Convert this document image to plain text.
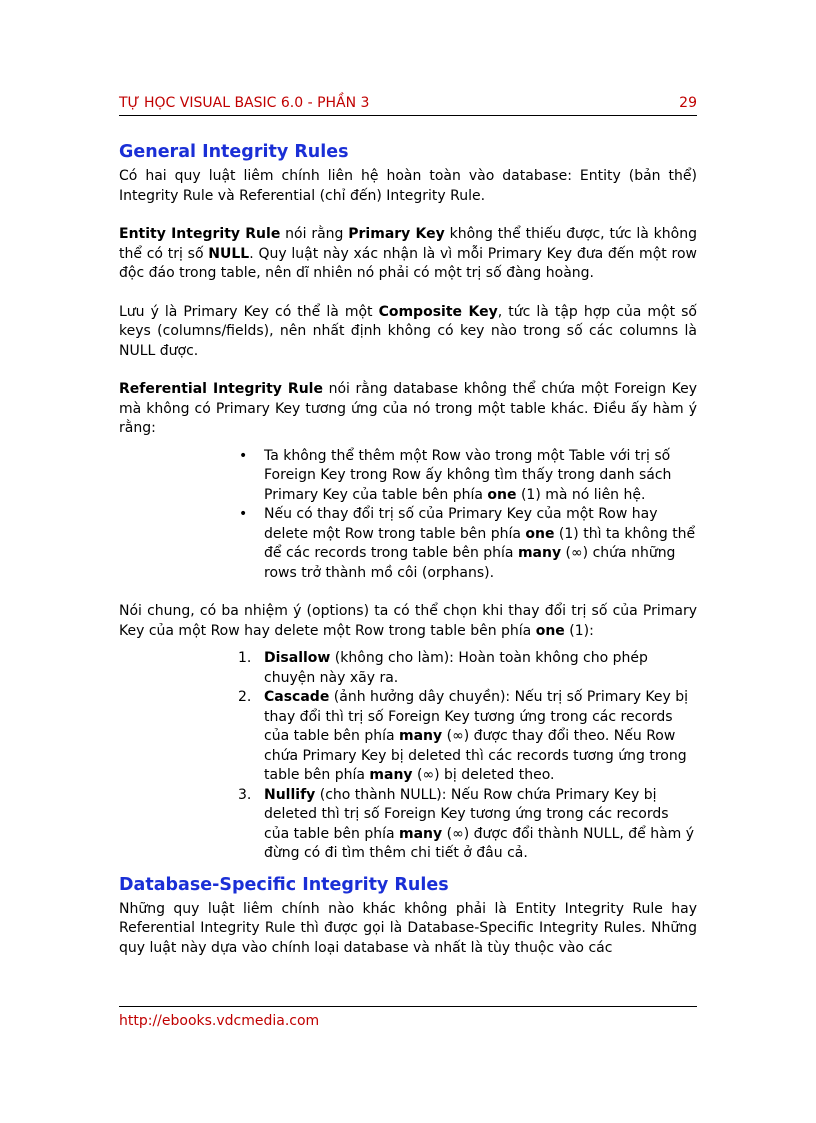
TỰ HỌC VISUAL BASIC 6.0 - PHẦN 3	29
General Integrity Rules

Có hai quy luật liêm chính liên hệ hoàn toàn vào database: Entity (bản thể) Integrity Rule và Referential (chỉ đến) Integrity Rule.

Entity Integrity Rule nói rằng Primary Key không thể thiếu được, tức là không thể có trị số NULL. Quy luật này xác nhận là vì mỗi Primary Key đưa đến một row độc đáo trong table, nên dĩ nhiên nó phải có một trị số đàng hoàng.

Lưu ý là Primary Key có thể là một Composite Key, tức là tập hợp của một số keys (columns/fields), nên nhất định không có key nào trong số các columns là NULL được.

Referential Integrity Rule nói rằng database không thể chứa một Foreign Key mà không có Primary Key tương ứng của nó trong một table khác. Điều ấy hàm ý rằng:

• Ta không thể thêm một Row vào trong một Table với trị số Foreign Key trong Row ấy không tìm thấy trong danh sách Primary Key của table bên phía one (1) mà nó liên hệ.
• Nếu có thay đổi trị số của Primary Key của một Row hay delete một Row trong table bên phía one (1) thì ta không thể để các records trong table bên phía many (∞) chứa những rows trở thành mồ côi (orphans).

Nói chung, có ba nhiệm ý (options) ta có thể chọn khi thay đổi trị số của Primary Key của một Row hay delete một Row trong table bên phía one (1):

1. Disallow (không cho làm): Hoàn toàn không cho phép chuyện này xãy ra.
2. Cascade (ảnh hưởng dây chuyền): Nếu trị số Primary Key bị thay đổi thì trị số Foreign Key tương ứng trong các records của table bên phía many (∞) được thay đổi theo. Nếu Row chứa Primary Key bị deleted thì các records tương ứng trong table bên phía many (∞) bị deleted theo.
3. Nullify (cho thành NULL): Nếu Row chứa Primary Key bị deleted thì trị số Foreign Key tương ứng trong các records của table bên phía many (∞) được đổi thành NULL, để hàm ý đừng có đi tìm thêm chi tiết ở đâu cả.
Database-Specific Integrity Rules

Những quy luật liêm chính nào khác không phải là Entity Integrity Rule hay Referential Integrity Rule thì được gọi là Database-Specific Integrity Rules. Những quy luật này dựa vào chính loại database và nhất là tùy thuộc vào các

http://ebooks.vdcmedia.com
